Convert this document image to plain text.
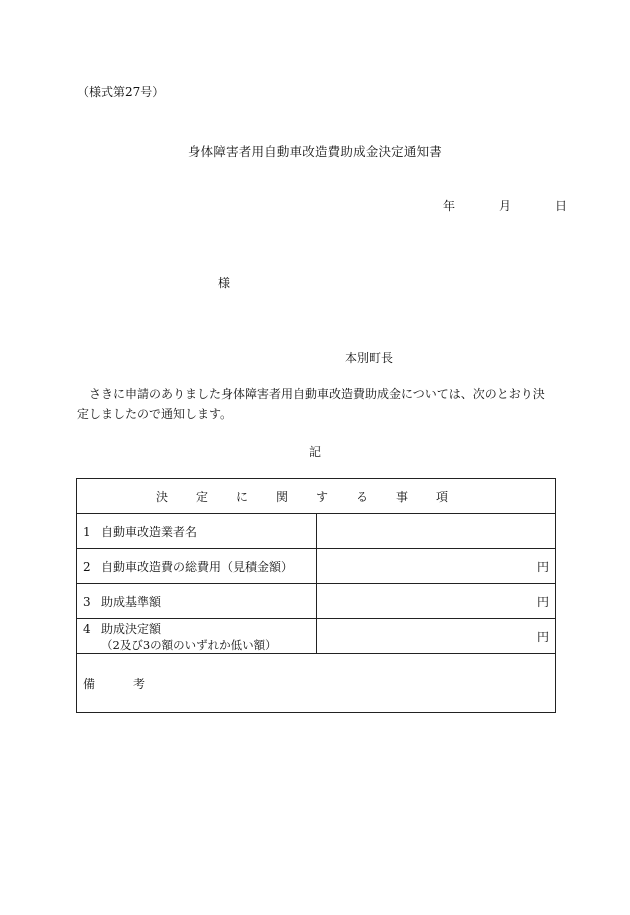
（様式第27号）
身体障害者用自動車改造費助成金決定通知書
年	月	日
様
本別町長
さきに申請のありました身体障害者用自動車改造費助成金については、次のとおり決定しましたので通知します。
記
決定に関する事項	
1 自動車改造業者名	
2 自動車改造費の総費用（見積金額）	円
3 助成基準額	円
4 助成決定額
（2及び3の額のいずれか低い額）	円
備考	
